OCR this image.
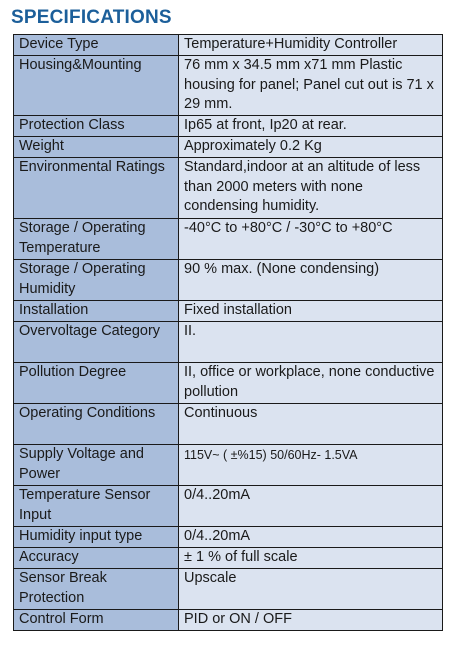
SPECIFICATIONS
Device Type	Temperature+Humidity Controller
Housing&Mounting	76 mm x 34.5 mm x71 mm Plastic housing for panel; Panel cut out is 71 x 29 mm.
Protection Class	Ip65 at front, Ip20 at rear.
Weight	Approximately 0.2 Kg
Environmental Ratings	Standard,indoor at an altitude of less than 2000 meters with none condensing humidity.
Storage / Operating Temperature	-40°C to +80°C / -30°C to +80°C
Storage / Operating Humidity	90 % max. (None condensing)
Installation	Fixed installation
Overvoltage Category	II.
Pollution Degree	II, office or workplace, none conductive pollution
Operating Conditions	Continuous
Supply Voltage and Power	115V~ ( ±%15) 50/60Hz- 1.5VA
Temperature Sensor Input	0/4..20mA
Humidity input type	0/4..20mA
Accuracy	± 1 % of full scale
Sensor Break Protection	Upscale
Control Form	PID or ON / OFF
